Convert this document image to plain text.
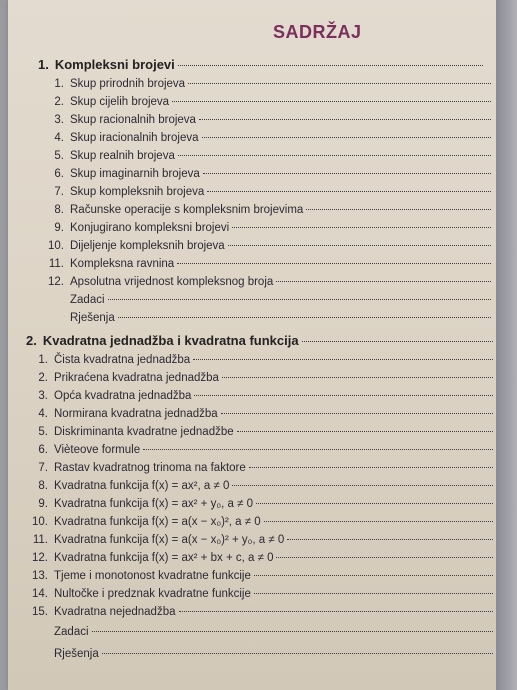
SADRŽAJ
1. Kompleksni brojevi
1. Skup prirodnih brojeva
2. Skup cijelih brojeva
3. Skup racionalnih brojeva
4. Skup iracionalnih brojeva
5. Skup realnih brojeva
6. Skup imaginarnih brojeva
7. Skup kompleksnih brojeva
8. Računske operacije s kompleksnim brojevima
9. Konjugirano kompleksni brojevi
10. Dijeljenje kompleksnih brojeva
11. Kompleksna ravnina
12. Apsolutna vrijednost kompleksnog broja
Zadaci
Rješenja
2. Kvadratna jednadžba i kvadratna funkcija
1. Čista kvadratna jednadžba
2. Prikraćena kvadratna jednadžba
3. Opća kvadratna jednadžba
4. Normirana kvadratna jednadžba
5. Diskriminanta kvadratne jednadžbe
6. Vièteove formule
7. Rastav kvadratnog trinoma na faktore
8. Kvadratna funkcija f(x) = ax², a ≠ 0
9. Kvadratna funkcija f(x) = ax² + y₀, a ≠ 0
10. Kvadratna funkcija f(x) = a(x − x₀)², a ≠ 0
11. Kvadratna funkcija f(x) = a(x − x₀)² + y₀, a ≠ 0
12. Kvadratna funkcija f(x) = ax² + bx + c, a ≠ 0
13. Tjeme i monotonost kvadratne funkcije
14. Nultočke i predznak kvadratne funkcije
15. Kvadratna nejednadžba
Zadaci
Rješenja
